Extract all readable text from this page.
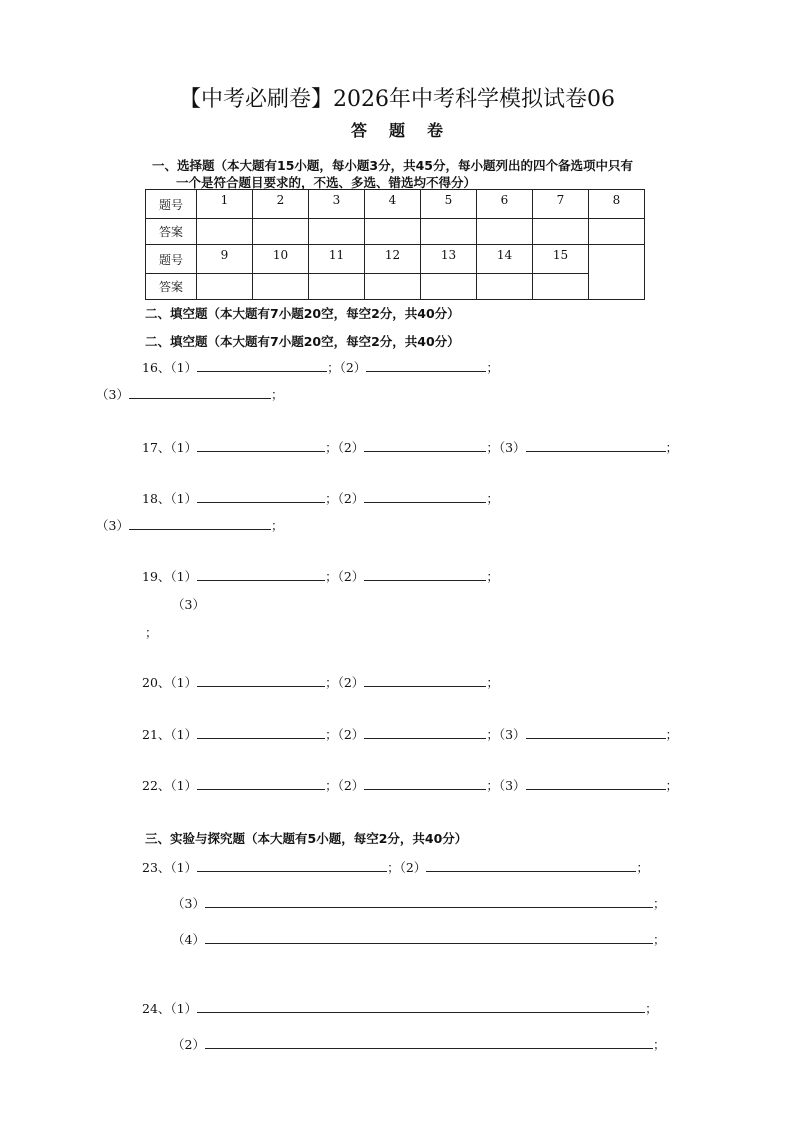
【中考必刷卷】2026年中考科学模拟试卷06
答题卷
一、选择题（本大题有15小题，每小题3分，共45分，每小题列出的四个备选项中只有
一个是符合题目要求的，不选、多选、错选均不得分）
题号	1	2	3	4	5	6	7	8
答案								
题号	9	10	11	12	13	14	15	
答案								
二、填空题（本大题有7小题20空，每空2分，共40分）
二、填空题（本大题有7小题20空，每空2分，共40分）
16、（1）	；（2）	；
（3）	；
17、（1）	；（2）	；（3）	；
18、（1）	；（2）	；
（3）	；
19、（1）	；（2）	；
（3）
；
20、（1）	；（2）	；
21、（1）	；（2）	；（3）	；
22、（1）	；（2）	；（3）	；
三、实验与探究题（本大题有5小题，每空2分，共40分）
23、（1）	；（2）	；
（3）	；
（4）	；
24、（1）	；
（2）	；
